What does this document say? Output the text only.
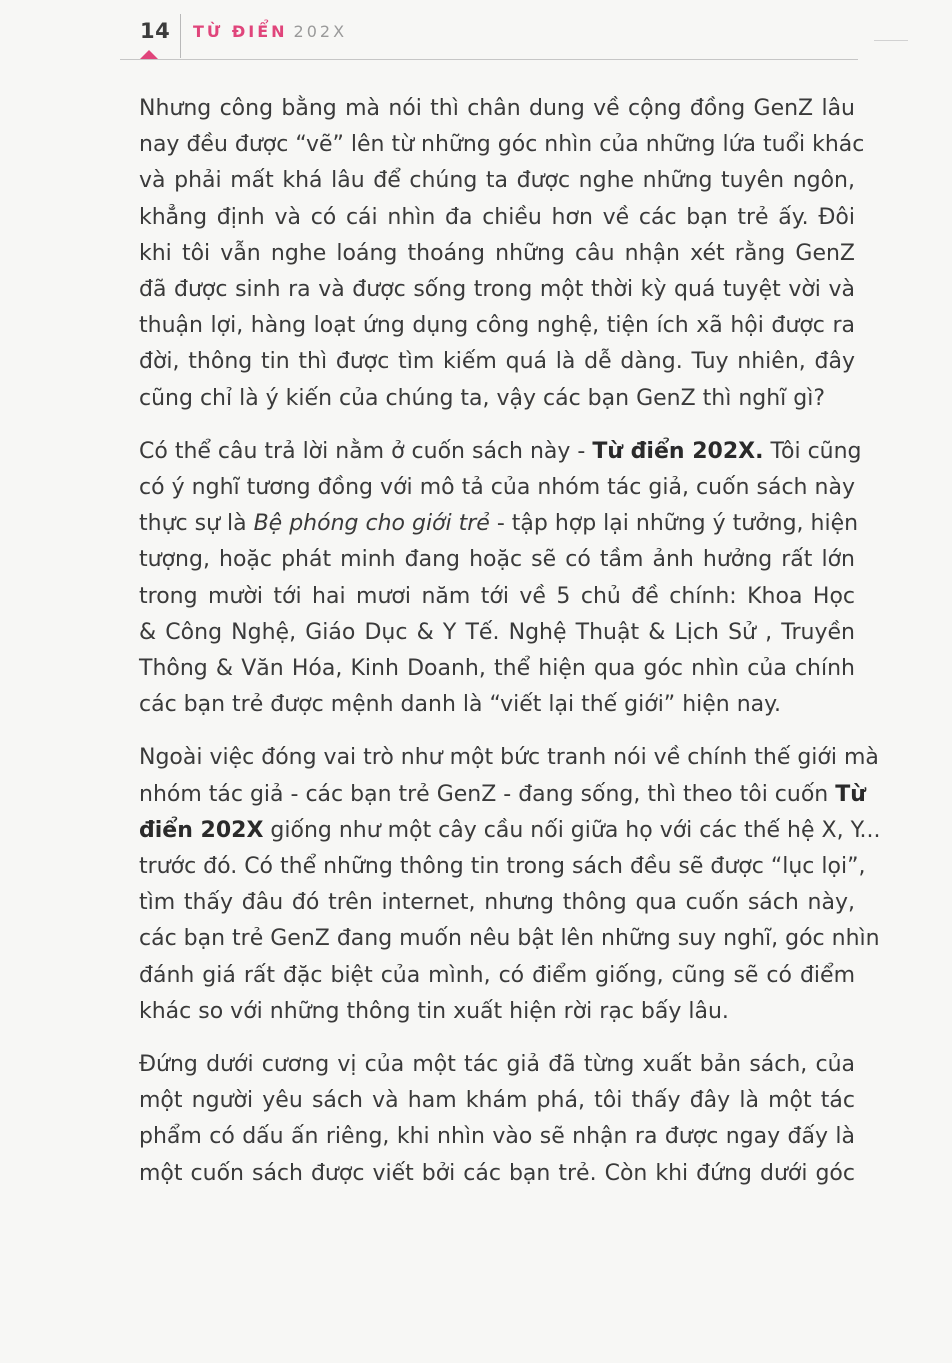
14 TỪ ĐIỂN 202X

Nhưng công bằng mà nói thì chân dung về cộng đồng GenZ lâu
nay đều được “vẽ” lên từ những góc nhìn của những lứa tuổi khác
và phải mất khá lâu để chúng ta được nghe những tuyên ngôn,
khẳng định và có cái nhìn đa chiều hơn về các bạn trẻ ấy. Đôi
khi tôi vẫn nghe loáng thoáng những câu nhận xét rằng GenZ
đã được sinh ra và được sống trong một thời kỳ quá tuyệt vời và
thuận lợi, hàng loạt ứng dụng công nghệ, tiện ích xã hội được ra
đời, thông tin thì được tìm kiếm quá là dễ dàng. Tuy nhiên, đây
cũng chỉ là ý kiến của chúng ta, vậy các bạn GenZ thì nghĩ gì?

Có thể câu trả lời nằm ở cuốn sách này - Từ điển 202X. Tôi cũng
có ý nghĩ tương đồng với mô tả của nhóm tác giả, cuốn sách này
thực sự là Bệ phóng cho giới trẻ - tập hợp lại những ý tưởng, hiện
tượng, hoặc phát minh đang hoặc sẽ có tầm ảnh hưởng rất lớn
trong mười tới hai mươi năm tới về 5 chủ đề chính: Khoa Học
& Công Nghệ, Giáo Dục & Y Tế. Nghệ Thuật & Lịch Sử , Truyền
Thông & Văn Hóa, Kinh Doanh, thể hiện qua góc nhìn của chính
các bạn trẻ được mệnh danh là “viết lại thế giới” hiện nay.

Ngoài việc đóng vai trò như một bức tranh nói về chính thế giới mà
nhóm tác giả - các bạn trẻ GenZ - đang sống, thì theo tôi cuốn Từ
điển 202X giống như một cây cầu nối giữa họ với các thế hệ X, Y...
trước đó. Có thể những thông tin trong sách đều sẽ được “lục lọi”,
tìm thấy đâu đó trên internet, nhưng thông qua cuốn sách này,
các bạn trẻ GenZ đang muốn nêu bật lên những suy nghĩ, góc nhìn
đánh giá rất đặc biệt của mình, có điểm giống, cũng sẽ có điểm
khác so với những thông tin xuất hiện rời rạc bấy lâu.

Đứng dưới cương vị của một tác giả đã từng xuất bản sách, của
một người yêu sách và ham khám phá, tôi thấy đây là một tác
phẩm có dấu ấn riêng, khi nhìn vào sẽ nhận ra được ngay đấy là
một cuốn sách được viết bởi các bạn trẻ. Còn khi đứng dưới góc
